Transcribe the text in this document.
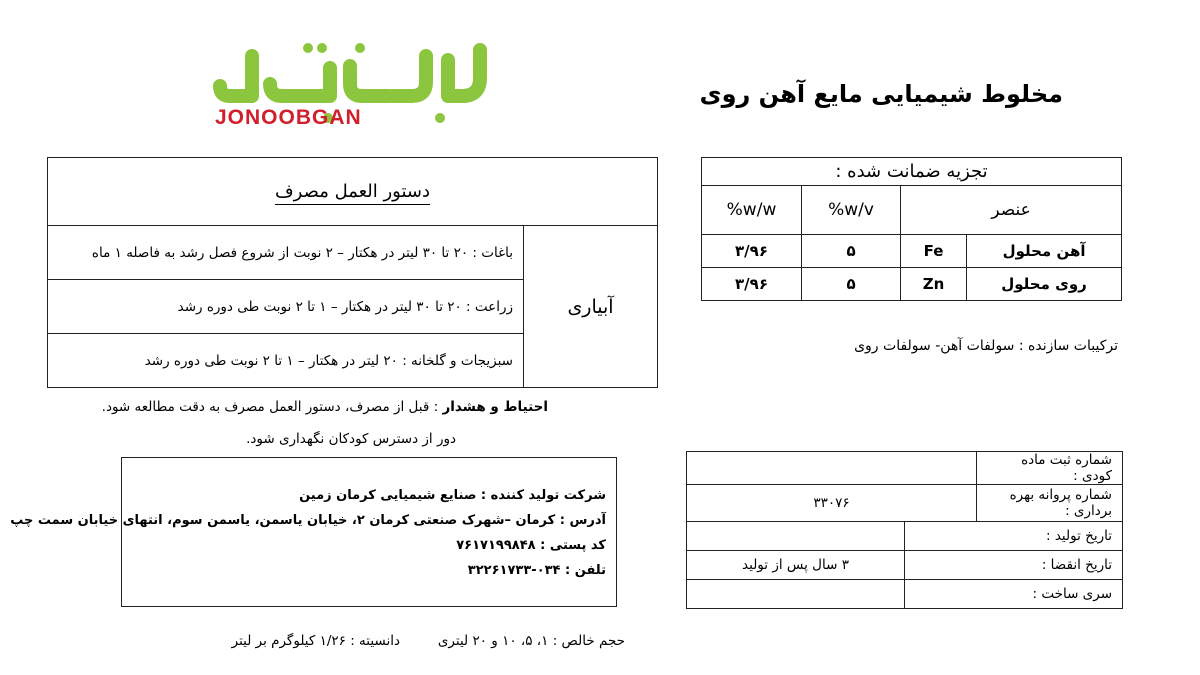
JONOOBGAN
مخلوط شیمیایی مایع آهن روی
تجزیه ضمانت شده :			
عنصر		%w/v	%w/w
آهن محلول	Fe	۵	۳/۹۶
روی محلول	Zn	۵	۳/۹۶
ترکیبات سازنده : سولفات آهن- سولفات روی
دستور العمل مصرف
باغات : ۲۰ تا ۳۰ لیتر در هکتار – ۲ نوبت از شروع فصل رشد به فاصله ۱ ماه	آبیاری
زراعت : ۲۰ تا ۳۰ لیتر در هکتار – ۱ تا ۲ نوبت طی دوره رشد
سبزیجات و گلخانه : ۲۰ لیتر در هکتار – ۱ تا ۲ نوبت طی دوره رشد
احتیاط و هشدار : قبل از مصرف، دستور العمل مصرف به دقت مطالعه شود.
دور از دسترس کودکان نگهداری شود.
شرکت تولید کننده : صنایع شیمیایی کرمان زمین
آدرس : کرمان –شهرک صنعتی کرمان ۲، خیابان یاسمن، یاسمن سوم، انتهای خیابان سمت چپ
کد پستی : ۷۶۱۷۱۹۹۸۴۸
تلفن : ۰۳۴-۳۲۲۶۱۷۳۳
شماره ثبت ماده کودی :		
شماره پروانه بهره برداری :	۳۳۰۷۶	
تاریخ تولید :		
تاریخ انقضا :		۳ سال پس از تولید
سری ساخت :		
حجم خالص : ۱، ۵، ۱۰ و ۲۰ لیتری
دانسیته : ۱/۲۶ کیلوگرم بر لیتر
